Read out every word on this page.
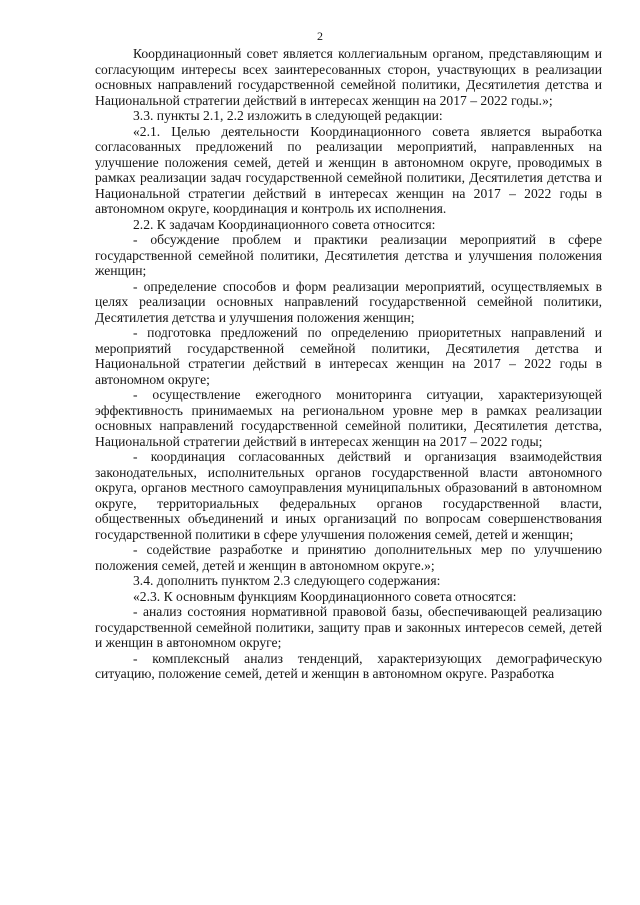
2

Координационный совет является коллегиальным органом, представляющим и согласующим интересы всех заинтересованных сторон, участвующих в реализации основных направлений государственной семейной политики, Десятилетия детства и Национальной стратегии действий в интересах женщин на 2017 – 2022 годы.»;

3.3. пункты 2.1, 2.2 изложить в следующей редакции:

«2.1. Целью деятельности Координационного совета является выработка согласованных предложений по реализации мероприятий, направленных на улучшение положения семей, детей и женщин в автономном округе, проводимых в рамках реализации задач государственной семейной политики, Десятилетия детства и Национальной стратегии действий в интересах женщин на 2017 – 2022 годы в автономном округе, координация и контроль их исполнения.

2.2. К задачам Координационного совета относится:

- обсуждение проблем и практики реализации мероприятий в сфере государственной семейной политики, Десятилетия детства и улучшения положения женщин;

- определение способов и форм реализации мероприятий, осуществляемых в целях реализации основных направлений государственной семейной политики, Десятилетия детства и улучшения положения женщин;

- подготовка предложений по определению приоритетных направлений и мероприятий государственной семейной политики, Десятилетия детства и Национальной стратегии действий в интересах женщин на 2017 – 2022 годы в автономном округе;

- осуществление ежегодного мониторинга ситуации, характеризующей эффективность принимаемых на региональном уровне мер в рамках реализации основных направлений государственной семейной политики, Десятилетия детства, Национальной стратегии действий в интересах женщин на 2017 – 2022 годы;

- координация согласованных действий и организация взаимодействия законодательных, исполнительных органов государственной власти автономного округа, органов местного самоуправления муниципальных образований в автономном округе, территориальных федеральных органов государственной власти, общественных объединений и иных организаций по вопросам совершенствования государственной политики в сфере улучшения положения семей, детей и женщин;

- содействие разработке и принятию дополнительных мер по улучшению положения семей, детей и женщин в автономном округе.»;

3.4. дополнить пунктом 2.3 следующего содержания:

«2.3. К основным функциям Координационного совета относятся:

- анализ состояния нормативной правовой базы, обеспечивающей реализацию государственной семейной политики, защиту прав и законных интересов семей, детей и женщин в автономном округе;

- комплексный анализ тенденций, характеризующих демографическую ситуацию, положение семей, детей и женщин в автономном округе. Разработка
